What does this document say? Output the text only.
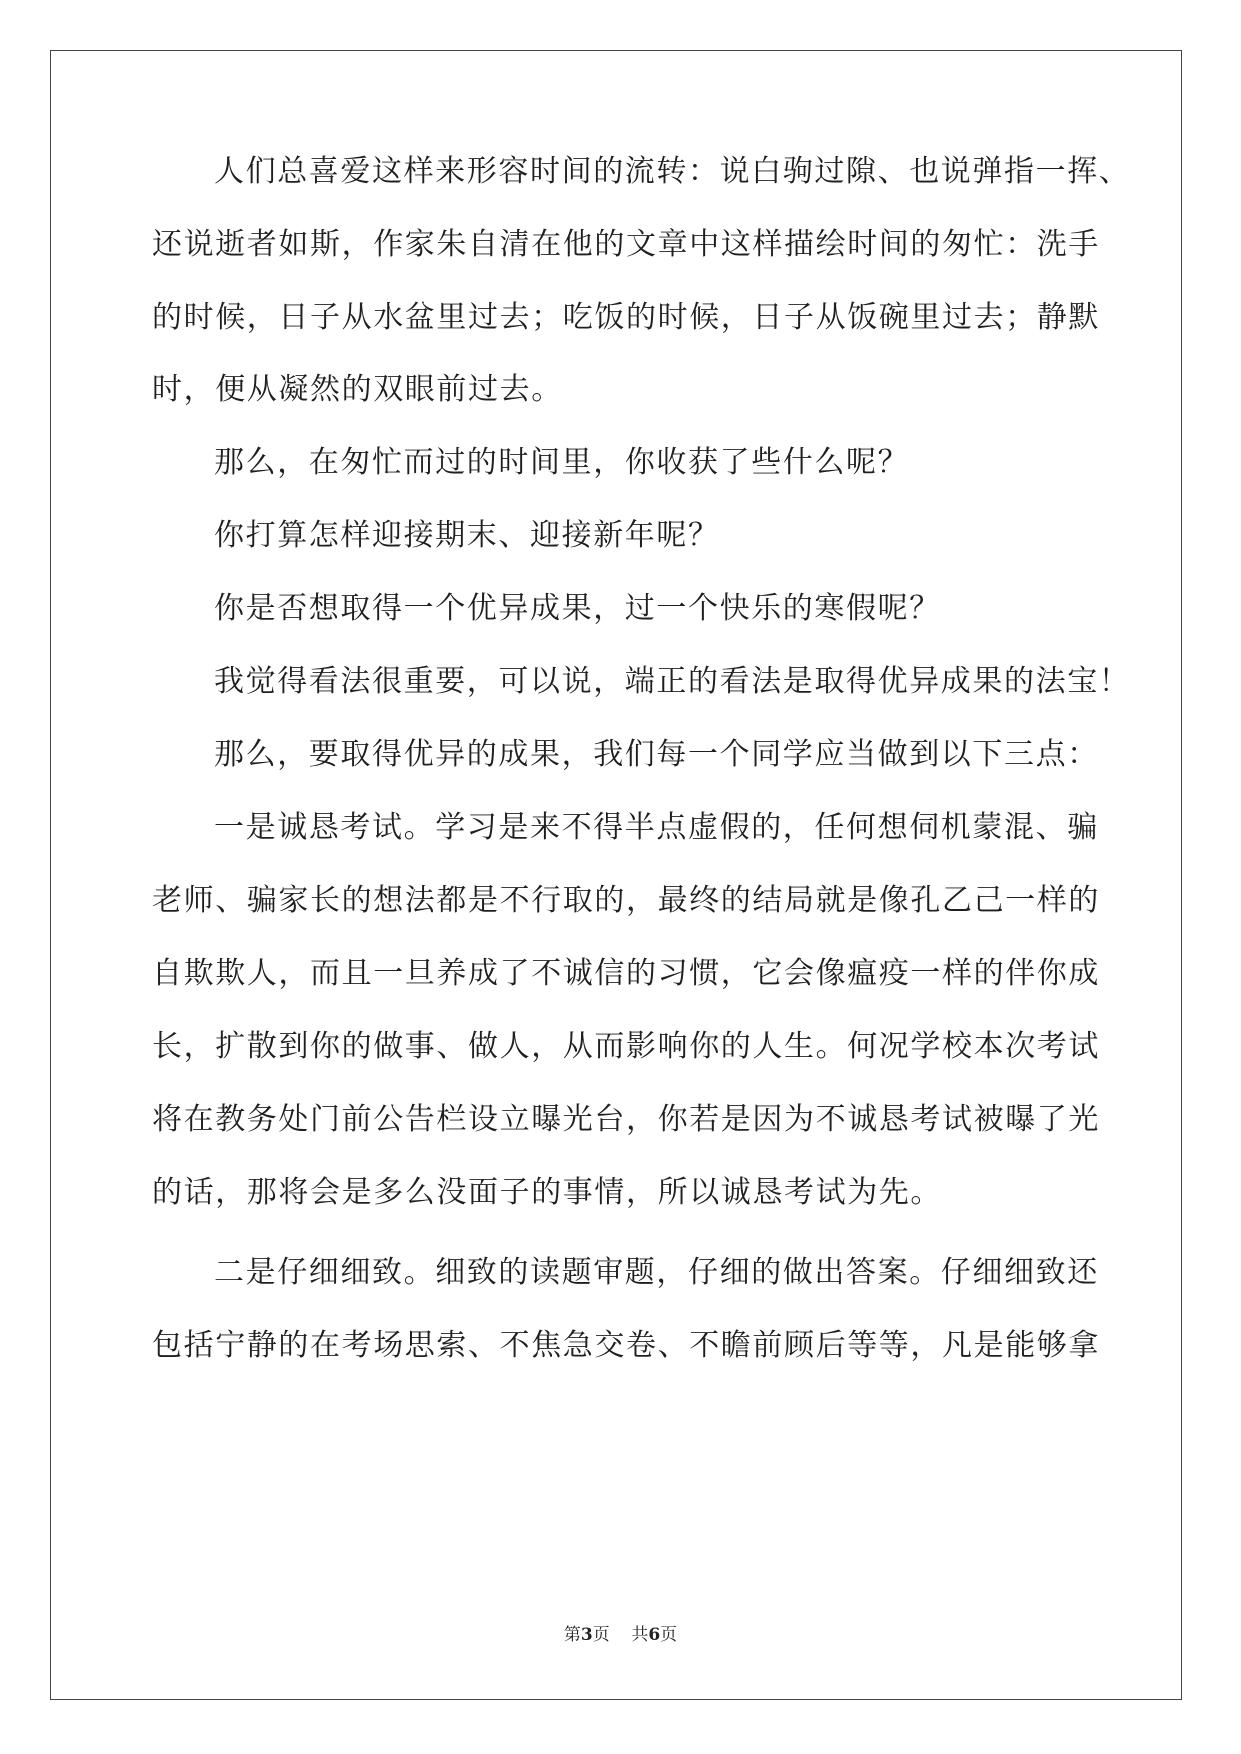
人们总喜爱这样来形容时间的流转：说白驹过隙、也说弹指一挥、

还说逝者如斯，作家朱自清在他的文章中这样描绘时间的匆忙：洗手

的时候，日子从水盆里过去；吃饭的时候，日子从饭碗里过去；静默

时，便从凝然的双眼前过去。

那么，在匆忙而过的时间里，你收获了些什么呢？

你打算怎样迎接期末、迎接新年呢？

你是否想取得一个优异成果，过一个快乐的寒假呢？

我觉得看法很重要，可以说，端正的看法是取得优异成果的法宝！

那么，要取得优异的成果，我们每一个同学应当做到以下三点：

一是诚恳考试。学习是来不得半点虚假的，任何想伺机蒙混、骗

老师、骗家长的想法都是不行取的，最终的结局就是像孔乙己一样的

自欺欺人，而且一旦养成了不诚信的习惯，它会像瘟疫一样的伴你成

长，扩散到你的做事、做人，从而影响你的人生。何况学校本次考试

将在教务处门前公告栏设立曝光台，你若是因为不诚恳考试被曝了光

的话，那将会是多么没面子的事情，所以诚恳考试为先。

二是仔细细致。细致的读题审题，仔细的做出答案。仔细细致还

包括宁静的在考场思索、不焦急交卷、不瞻前顾后等等，凡是能够拿

第3页 共6页
